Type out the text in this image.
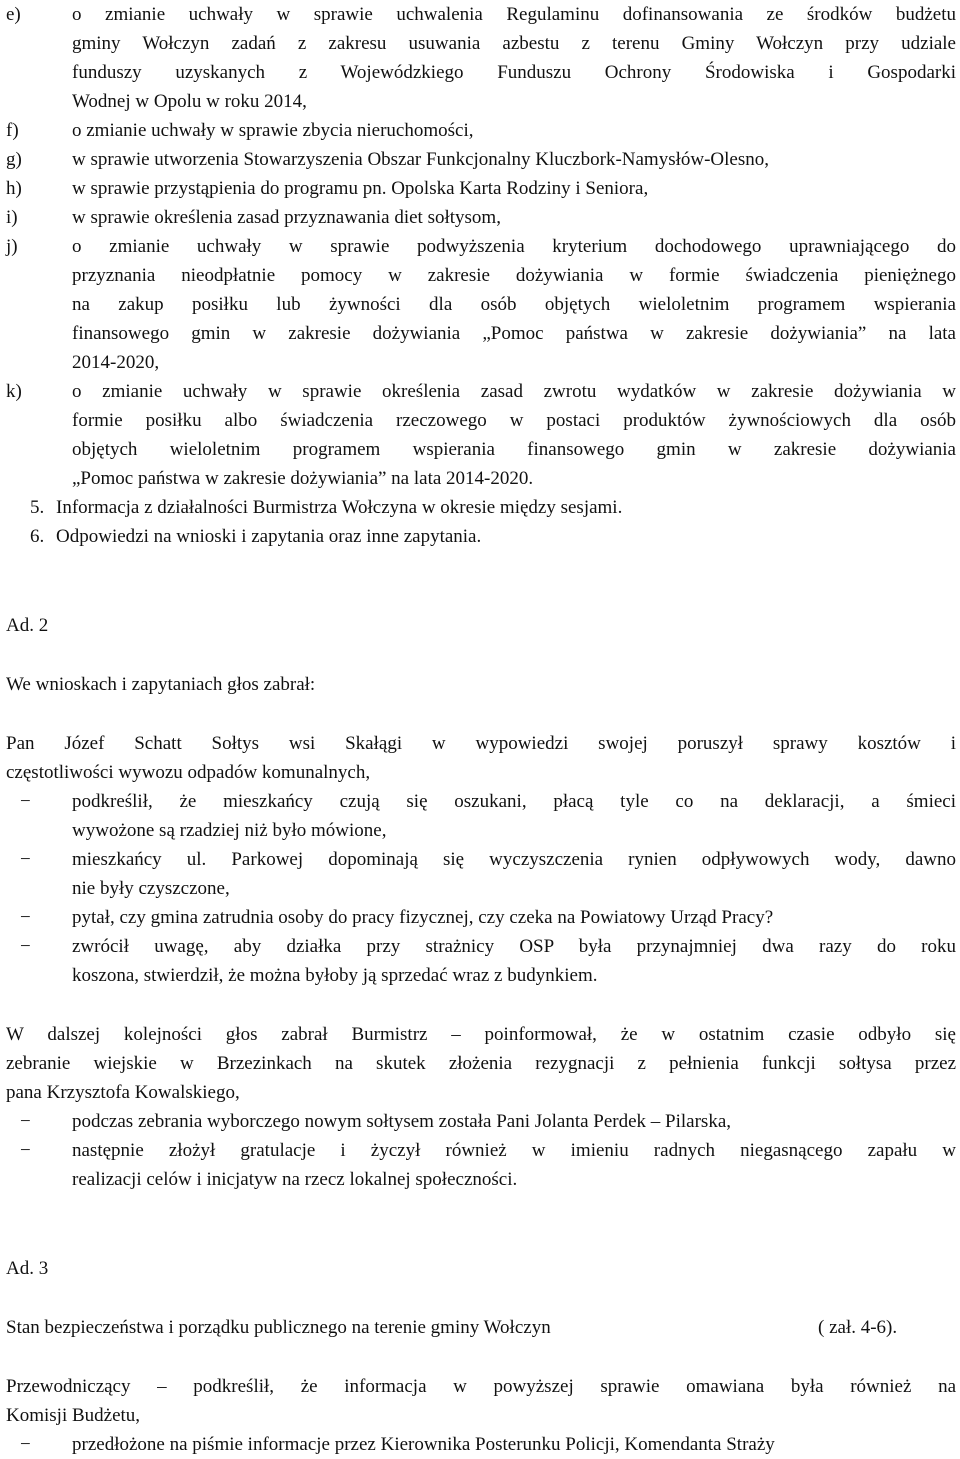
e)	o zmianie uchwały w sprawie uchwalenia Regulaminu dofinansowania ze środków budżetu
gminy Wołczyn zadań z zakresu usuwania azbestu z terenu Gminy Wołczyn przy udziale
funduszy uzyskanych z Wojewódzkiego Funduszu Ochrony Środowiska i Gospodarki
Wodnej w Opolu w roku 2014,
f)	o zmianie uchwały w sprawie zbycia nieruchomości,
g)	w sprawie utworzenia Stowarzyszenia Obszar Funkcjonalny Kluczbork-Namysłów-Olesno,
h)	w sprawie przystąpienia do programu pn. Opolska Karta Rodziny i Seniora,
i)	w sprawie określenia zasad przyznawania diet sołtysom,
j)	o zmianie uchwały w sprawie podwyższenia kryterium dochodowego uprawniającego do
przyznania nieodpłatnie pomocy w zakresie dożywiania w formie świadczenia pieniężnego
na zakup posiłku lub żywności dla osób objętych wieloletnim programem wspierania
finansowego gmin w zakresie dożywiania „Pomoc państwa w zakresie dożywiania” na lata
2014-2020,
k)	o zmianie uchwały w sprawie określenia zasad zwrotu wydatków w zakresie dożywiania w
formie posiłku albo świadczenia rzeczowego w postaci produktów żywnościowych dla osób
objętych wieloletnim programem wspierania finansowego gmin w zakresie dożywiania
„Pomoc państwa w zakresie dożywiania” na lata 2014-2020.
5. Informacja z działalności Burmistrza Wołczyna w okresie między sesjami.
6. Odpowiedzi na wnioski i zapytania oraz inne zapytania.
Ad. 2
We wnioskach i zapytaniach głos zabrał:
Pan Józef Schatt Sołtys wsi Skałągi w wypowiedzi swojej poruszył sprawy kosztów i
częstotliwości wywozu odpadów komunalnych,
− podkreślił, że mieszkańcy czują się oszukani, płacą tyle co na deklaracji, a śmieci
wywożone są rzadziej niż było mówione,
− mieszkańcy ul. Parkowej dopominają się wyczyszczenia rynien odpływowych wody, dawno
nie były czyszczone,
− pytał, czy gmina zatrudnia osoby do pracy fizycznej, czy czeka na Powiatowy Urząd Pracy?
− zwrócił uwagę, aby działka przy strażnicy OSP była przynajmniej dwa razy do roku
koszona, stwierdził, że można byłoby ją sprzedać wraz z budynkiem.
W dalszej kolejności głos zabrał Burmistrz – poinformował, że w ostatnim czasie odbyło się
zebranie wiejskie w Brzezinkach na skutek złożenia rezygnacji z pełnienia funkcji sołtysa przez
pana Krzysztofa Kowalskiego,
− podczas zebrania wyborczego nowym sołtysem została Pani Jolanta Perdek – Pilarska,
− następnie złożył gratulacje i życzył również w imieniu radnych niegasnącego zapału w
realizacji celów i inicjatyw na rzecz lokalnej społeczności.
Ad. 3
Stan bezpieczeństwa i porządku publicznego na terenie gminy Wołczyn	( zał. 4-6).
Przewodniczący – podkreślił, że informacja w powyższej sprawie omawiana była również na
Komisji Budżetu,
− przedłożone na piśmie informacje przez Kierownika Posterunku Policji, Komendanta Straży
